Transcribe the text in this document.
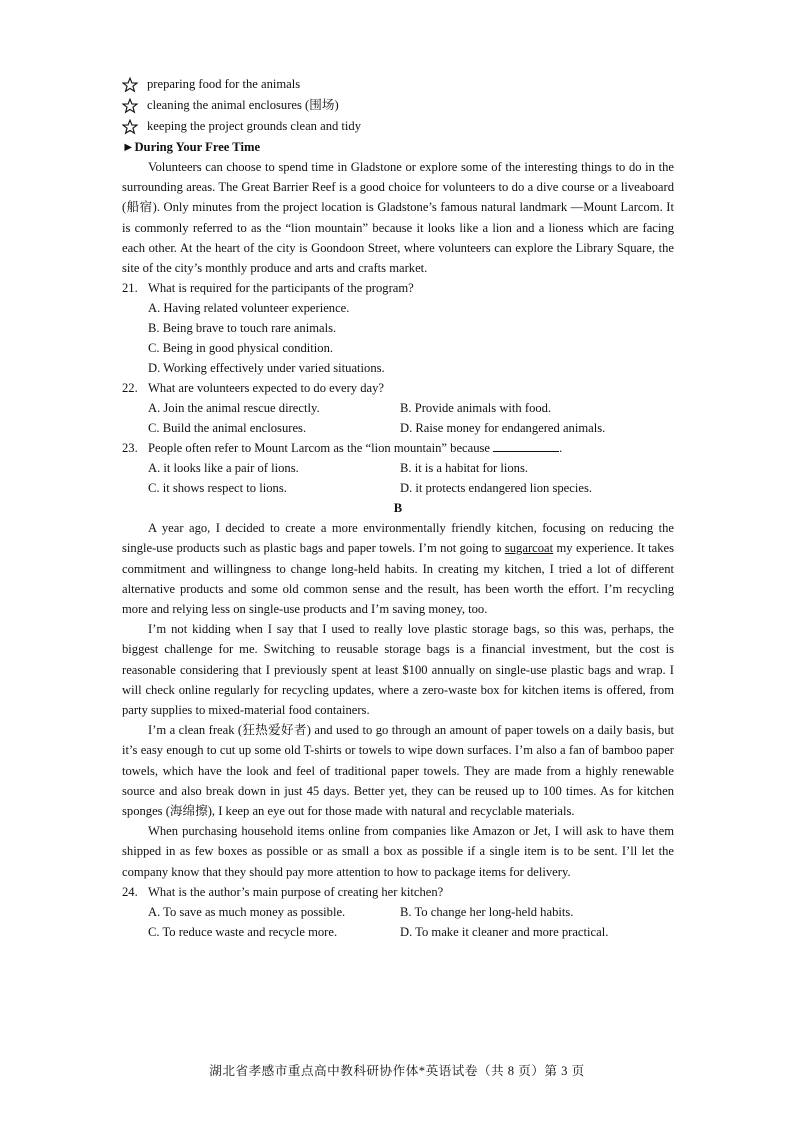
preparing food for the animals
cleaning the animal enclosures (围场)
keeping the project grounds clean and tidy
►During Your Free Time

Volunteers can choose to spend time in Gladstone or explore some of the interesting things to do in the surrounding areas. The Great Barrier Reef is a good choice for volunteers to do a dive course or a liveaboard (船宿). Only minutes from the project location is Gladstone’s famous natural landmark —Mount Larcom. It is commonly referred to as the “lion mountain” because it looks like a lion and a lioness which are facing each other. At the heart of the city is Goondoon Street, where volunteers can explore the Library Square, the site of the city’s monthly produce and arts and crafts market.

21. What is required for the participants of the program?
A. Having related volunteer experience.
B. Being brave to touch rare animals.
C. Being in good physical condition.
D. Working effectively under varied situations.
22. What are volunteers expected to do every day?
A. Join the animal rescue directly.	B. Provide animals with food.
C. Build the animal enclosures.	D. Raise money for endangered animals.
23. People often refer to Mount Larcom as the “lion mountain” because	.
A. it looks like a pair of lions.	B. it is a habitat for lions.
C. it shows respect to lions.	D. it protects endangered lion species.
B

A year ago, I decided to create a more environmentally friendly kitchen, focusing on reducing the single-use products such as plastic bags and paper towels. I’m not going to sugarcoat my experience. It takes commitment and willingness to change long-held habits. In creating my kitchen, I tried a lot of different alternative products and some old common sense and the result, has been worth the effort. I’m recycling more and relying less on single-use products and I’m saving money, too.

I’m not kidding when I say that I used to really love plastic storage bags, so this was, perhaps, the biggest challenge for me. Switching to reusable storage bags is a financial investment, but the cost is reasonable considering that I previously spent at least $100 annually on single-use plastic bags and wrap. I will check online regularly for recycling updates, where a zero-waste box for kitchen items is offered, from party supplies to mixed-material food containers.

I’m a clean freak (狂热爱好者) and used to go through an amount of paper towels on a daily basis, but it’s easy enough to cut up some old T-shirts or towels to wipe down surfaces. I’m also a fan of bamboo paper towels, which have the look and feel of traditional paper towels. They are made from a highly renewable source and also break down in just 45 days. Better yet, they can be reused up to 100 times. As for kitchen sponges (海绵擦), I keep an eye out for those made with natural and recyclable materials.

When purchasing household items online from companies like Amazon or Jet, I will ask to have them shipped in as few boxes as possible or as small a box as possible if a single item is to be sent. I’ll let the company know that they should pay more attention to how to package items for delivery.

24. What is the author’s main purpose of creating her kitchen?
A. To save as much money as possible.	B. To change her long-held habits.
C. To reduce waste and recycle more.	D. To make it cleaner and more practical.
湖北省孝感市重点高中教科研协作体*英语试卷（共 8 页）第 3 页
